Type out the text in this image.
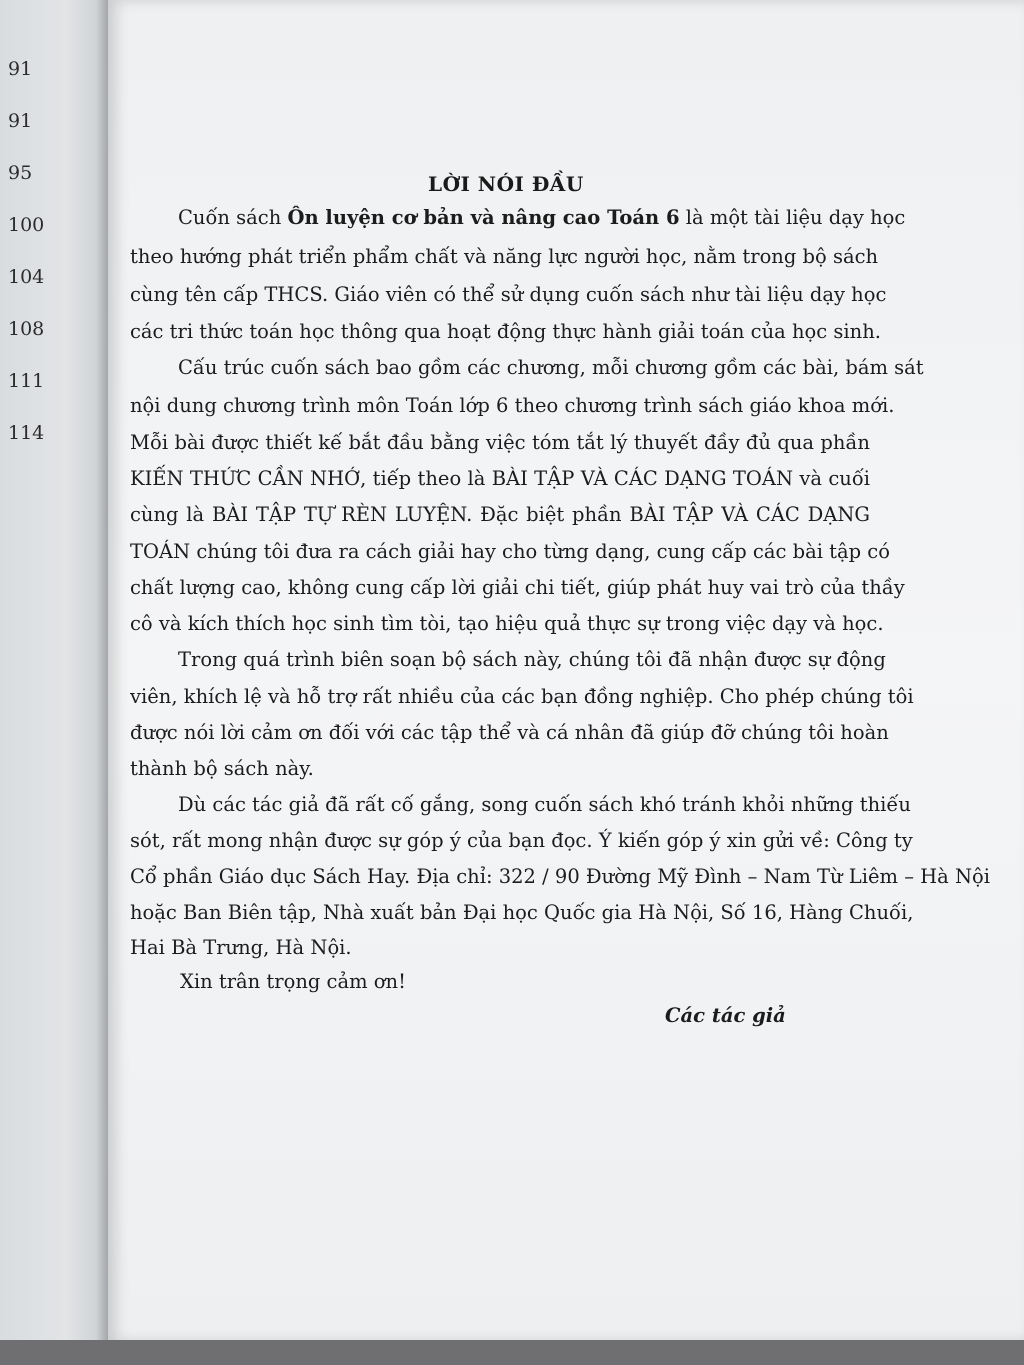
91
91
95
100
104
108
111
114
LỜI NÓI ĐẦU
Cuốn sách Ôn luyện cơ bản và nâng cao Toán 6 là một tài liệu dạy học
theo hướng phát triển phẩm chất và năng lực người học, nằm trong bộ sách
cùng tên cấp THCS. Giáo viên có thể sử dụng cuốn sách như tài liệu dạy học
các tri thức toán học thông qua hoạt động thực hành giải toán của học sinh.
Cấu trúc cuốn sách bao gồm các chương, mỗi chương gồm các bài, bám sát
nội dung chương trình môn Toán lớp 6 theo chương trình sách giáo khoa mới.
Mỗi bài được thiết kế bắt đầu bằng việc tóm tắt lý thuyết đầy đủ qua phần
KIẾN THỨC CẦN NHỚ, tiếp theo là BÀI TẬP VÀ CÁC DẠNG TOÁN và cuối
cùng là BÀI TẬP TỰ RÈN LUYỆN. Đặc biệt phần BÀI TẬP VÀ CÁC DẠNG
TOÁN chúng tôi đưa ra cách giải hay cho từng dạng, cung cấp các bài tập có
chất lượng cao, không cung cấp lời giải chi tiết, giúp phát huy vai trò của thầy
cô và kích thích học sinh tìm tòi, tạo hiệu quả thực sự trong việc dạy và học.
Trong quá trình biên soạn bộ sách này, chúng tôi đã nhận được sự động
viên, khích lệ và hỗ trợ rất nhiều của các bạn đồng nghiệp. Cho phép chúng tôi
được nói lời cảm ơn đối với các tập thể và cá nhân đã giúp đỡ chúng tôi hoàn
thành bộ sách này.
Dù các tác giả đã rất cố gắng, song cuốn sách khó tránh khỏi những thiếu
sót, rất mong nhận được sự góp ý của bạn đọc. Ý kiến góp ý xin gửi về: Công ty
Cổ phần Giáo dục Sách Hay. Địa chỉ: 322 / 90 Đường Mỹ Đình – Nam Từ Liêm – Hà Nội
hoặc Ban Biên tập, Nhà xuất bản Đại học Quốc gia Hà Nội, Số 16, Hàng Chuối,
Hai Bà Trưng, Hà Nội.
Xin trân trọng cảm ơn!
Các tác giả
